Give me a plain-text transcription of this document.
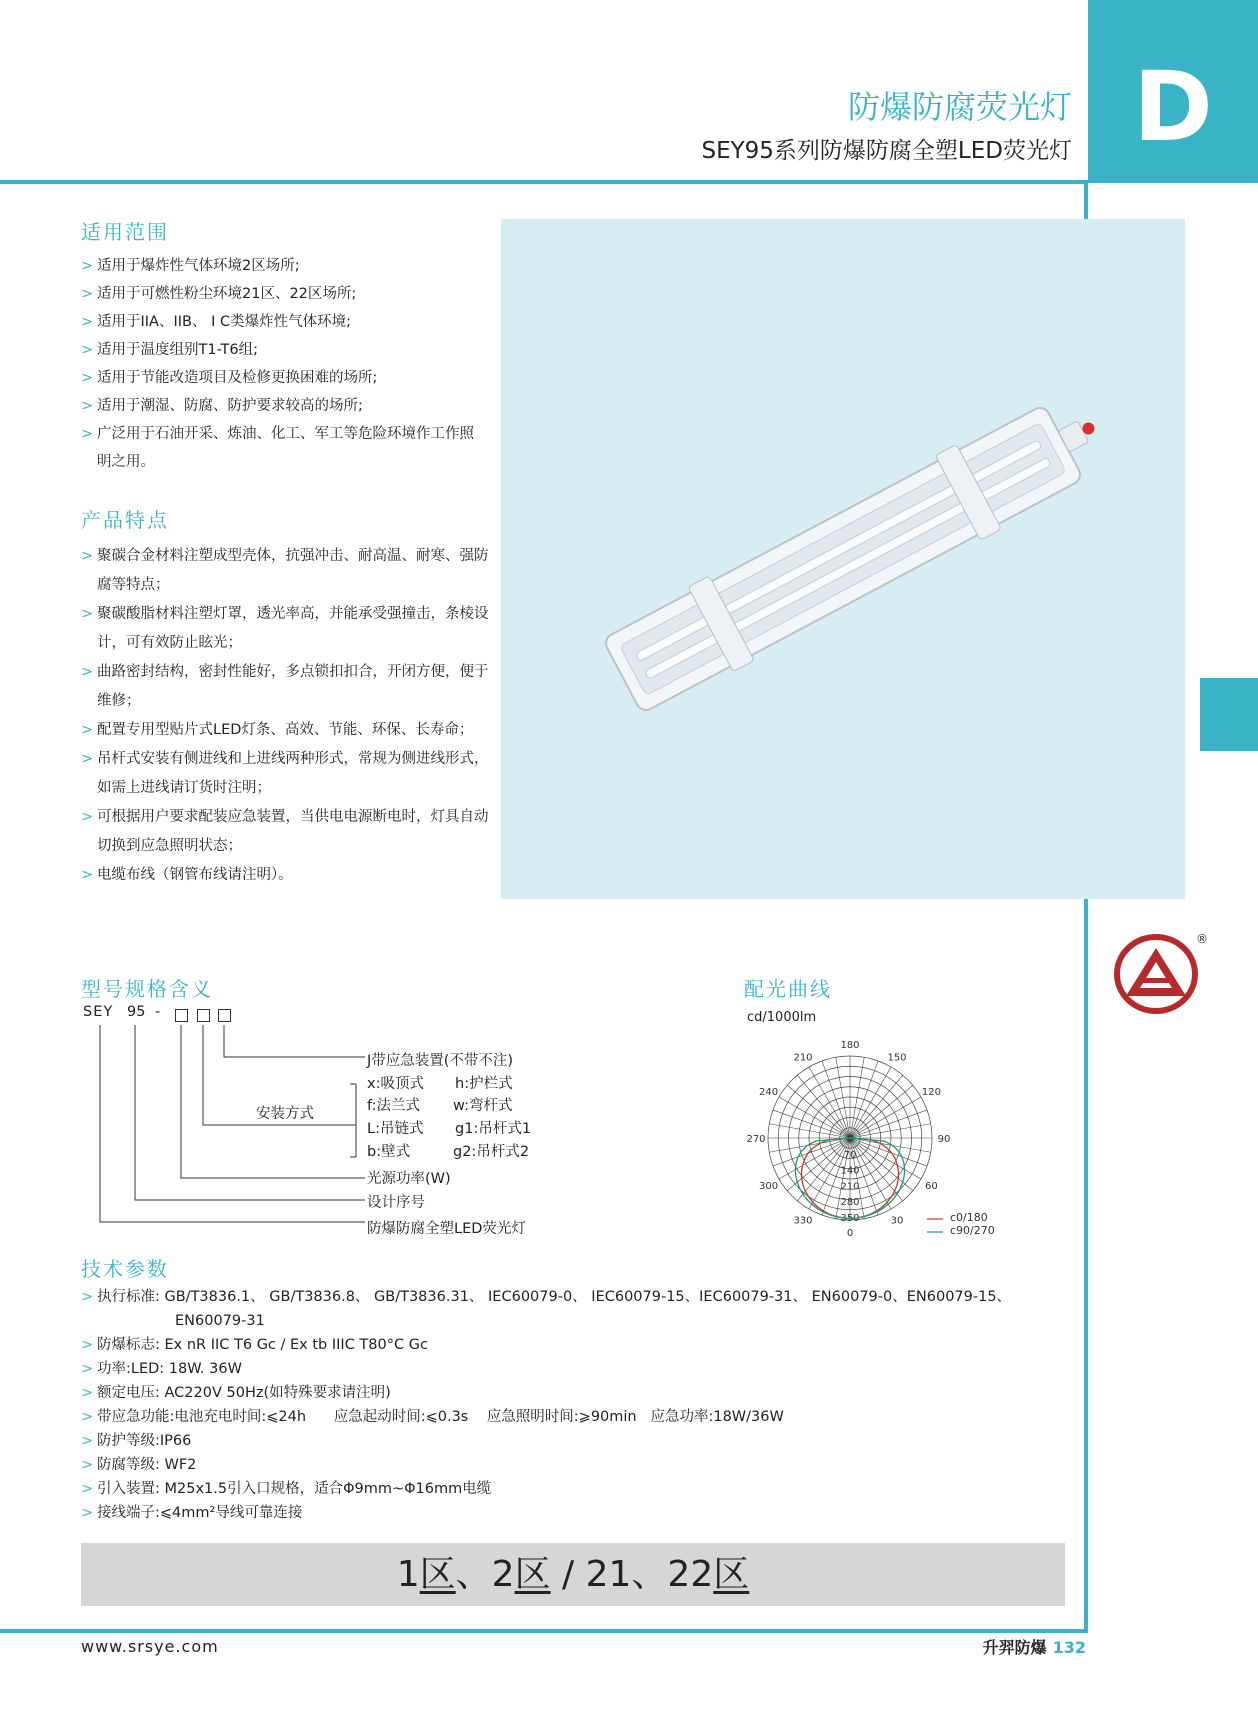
D
防爆防腐荧光灯
SEY95系列防爆防腐全塑LED荧光灯
适用范围
> 适用于爆炸性气体环境2区场所;
> 适用于可燃性粉尘环境21区、22区场所;
> 适用于IIA、IIB、 I C类爆炸性气体环境;
> 适用于温度组别T1-T6组;
> 适用于节能改造项目及检修更换困难的场所;
> 适用于潮湿、防腐、防护要求较高的场所;
> 广泛用于石油开采、炼油、化工、军工等危险环境作工作照明之用。
产品特点
> 聚碳合金材料注塑成型壳体，抗强冲击、耐高温、耐寒、强防腐等特点；
> 聚碳酸脂材料注塑灯罩，透光率高，并能承受强撞击，条棱设计，可有效防止眩光；
> 曲路密封结构，密封性能好，多点锁扣扣合，开闭方便，便于维修；
> 配置专用型贴片式LED灯条、高效、节能、环保、长寿命；
> 吊杆式安装有侧进线和上进线两种形式，常规为侧进线形式，如需上进线请订货时注明；
> 可根据用户要求配装应急装置，当供电电源断电时，灯具自动切换到应急照明状态；
> 电缆布线（钢管布线请注明）。
型号规格含义
SEY 95 -
J带应急装置(不带不注)
安装方式
x:吸顶式 h:护栏式
f:法兰式 w:弯杆式
L:吊链式 g1:吊杆式1
b:壁式	g2:吊杆式2
光源功率(W)
设计序号
防爆防腐全塑LED荧光灯
配光曲线
cd/1000lm
180
150
120
90
60
30
0
330
300
270
240
210
0
70
140
210
280
350	c0/180
c90/270
®
技术参数
> 执行标准: GB/T3836.1、 GB/T3836.8、 GB/T3836.31、 IEC60079-0、 IEC60079-15、IEC60079-31、 EN60079-0、EN60079-15、
EN60079-31
> 防爆标志: Ex nR IIC T6 Gc / Ex tb IIIC T80°C Gc
> 功率:LED: 18W. 36W
> 额定电压: AC220V 50Hz(如特殊要求请注明)
> 带应急功能:电池充电时间:⩽24h      应急起动时间:⩽0.3s    应急照明时间:⩾90min   应急功率:18W/36W
> 防护等级:IP66
> 防腐等级: WF2
> 引入装置: M25x1.5引入口规格，适合Φ9mm~Φ16mm电缆
> 接线端子:⩽4mm²导线可靠连接
1区、2区 / 21、22区
www.srsye.com	升羿防爆 132
